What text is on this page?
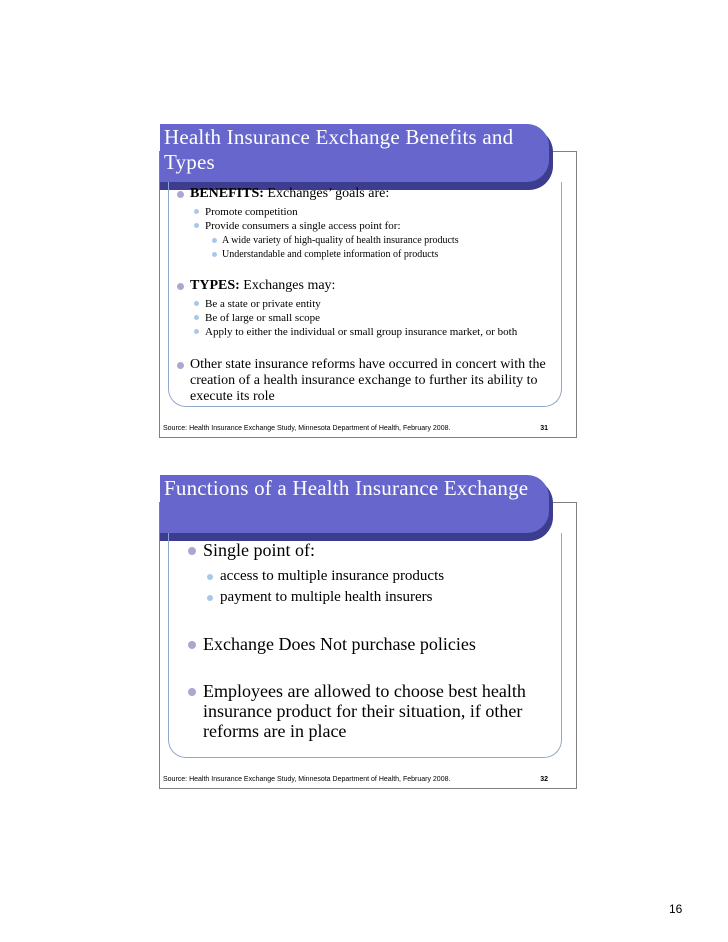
Health Insurance Exchange Benefits and Types
BENEFITS: Exchanges’ goals are:
Promote competition
Provide consumers a single access point for:
A wide variety of high-quality of health insurance products
Understandable and complete information of products
TYPES: Exchanges may:
Be a state or private entity
Be of large or small scope
Apply to either the individual or small group insurance market, or both
Other state insurance reforms have occurred in concert with the creation of a health insurance exchange to further its ability to execute its role
Source: Health Insurance Exchange Study, Minnesota Department of Health, February 2008.	31
Functions of a Health Insurance Exchange
Single point of:
access to multiple insurance products
payment to multiple health insurers
Exchange Does Not purchase policies
Employees are allowed to choose best health insurance product for their situation, if other reforms are in place
Source: Health Insurance Exchange Study, Minnesota Department of Health, February 2008.	32
16
